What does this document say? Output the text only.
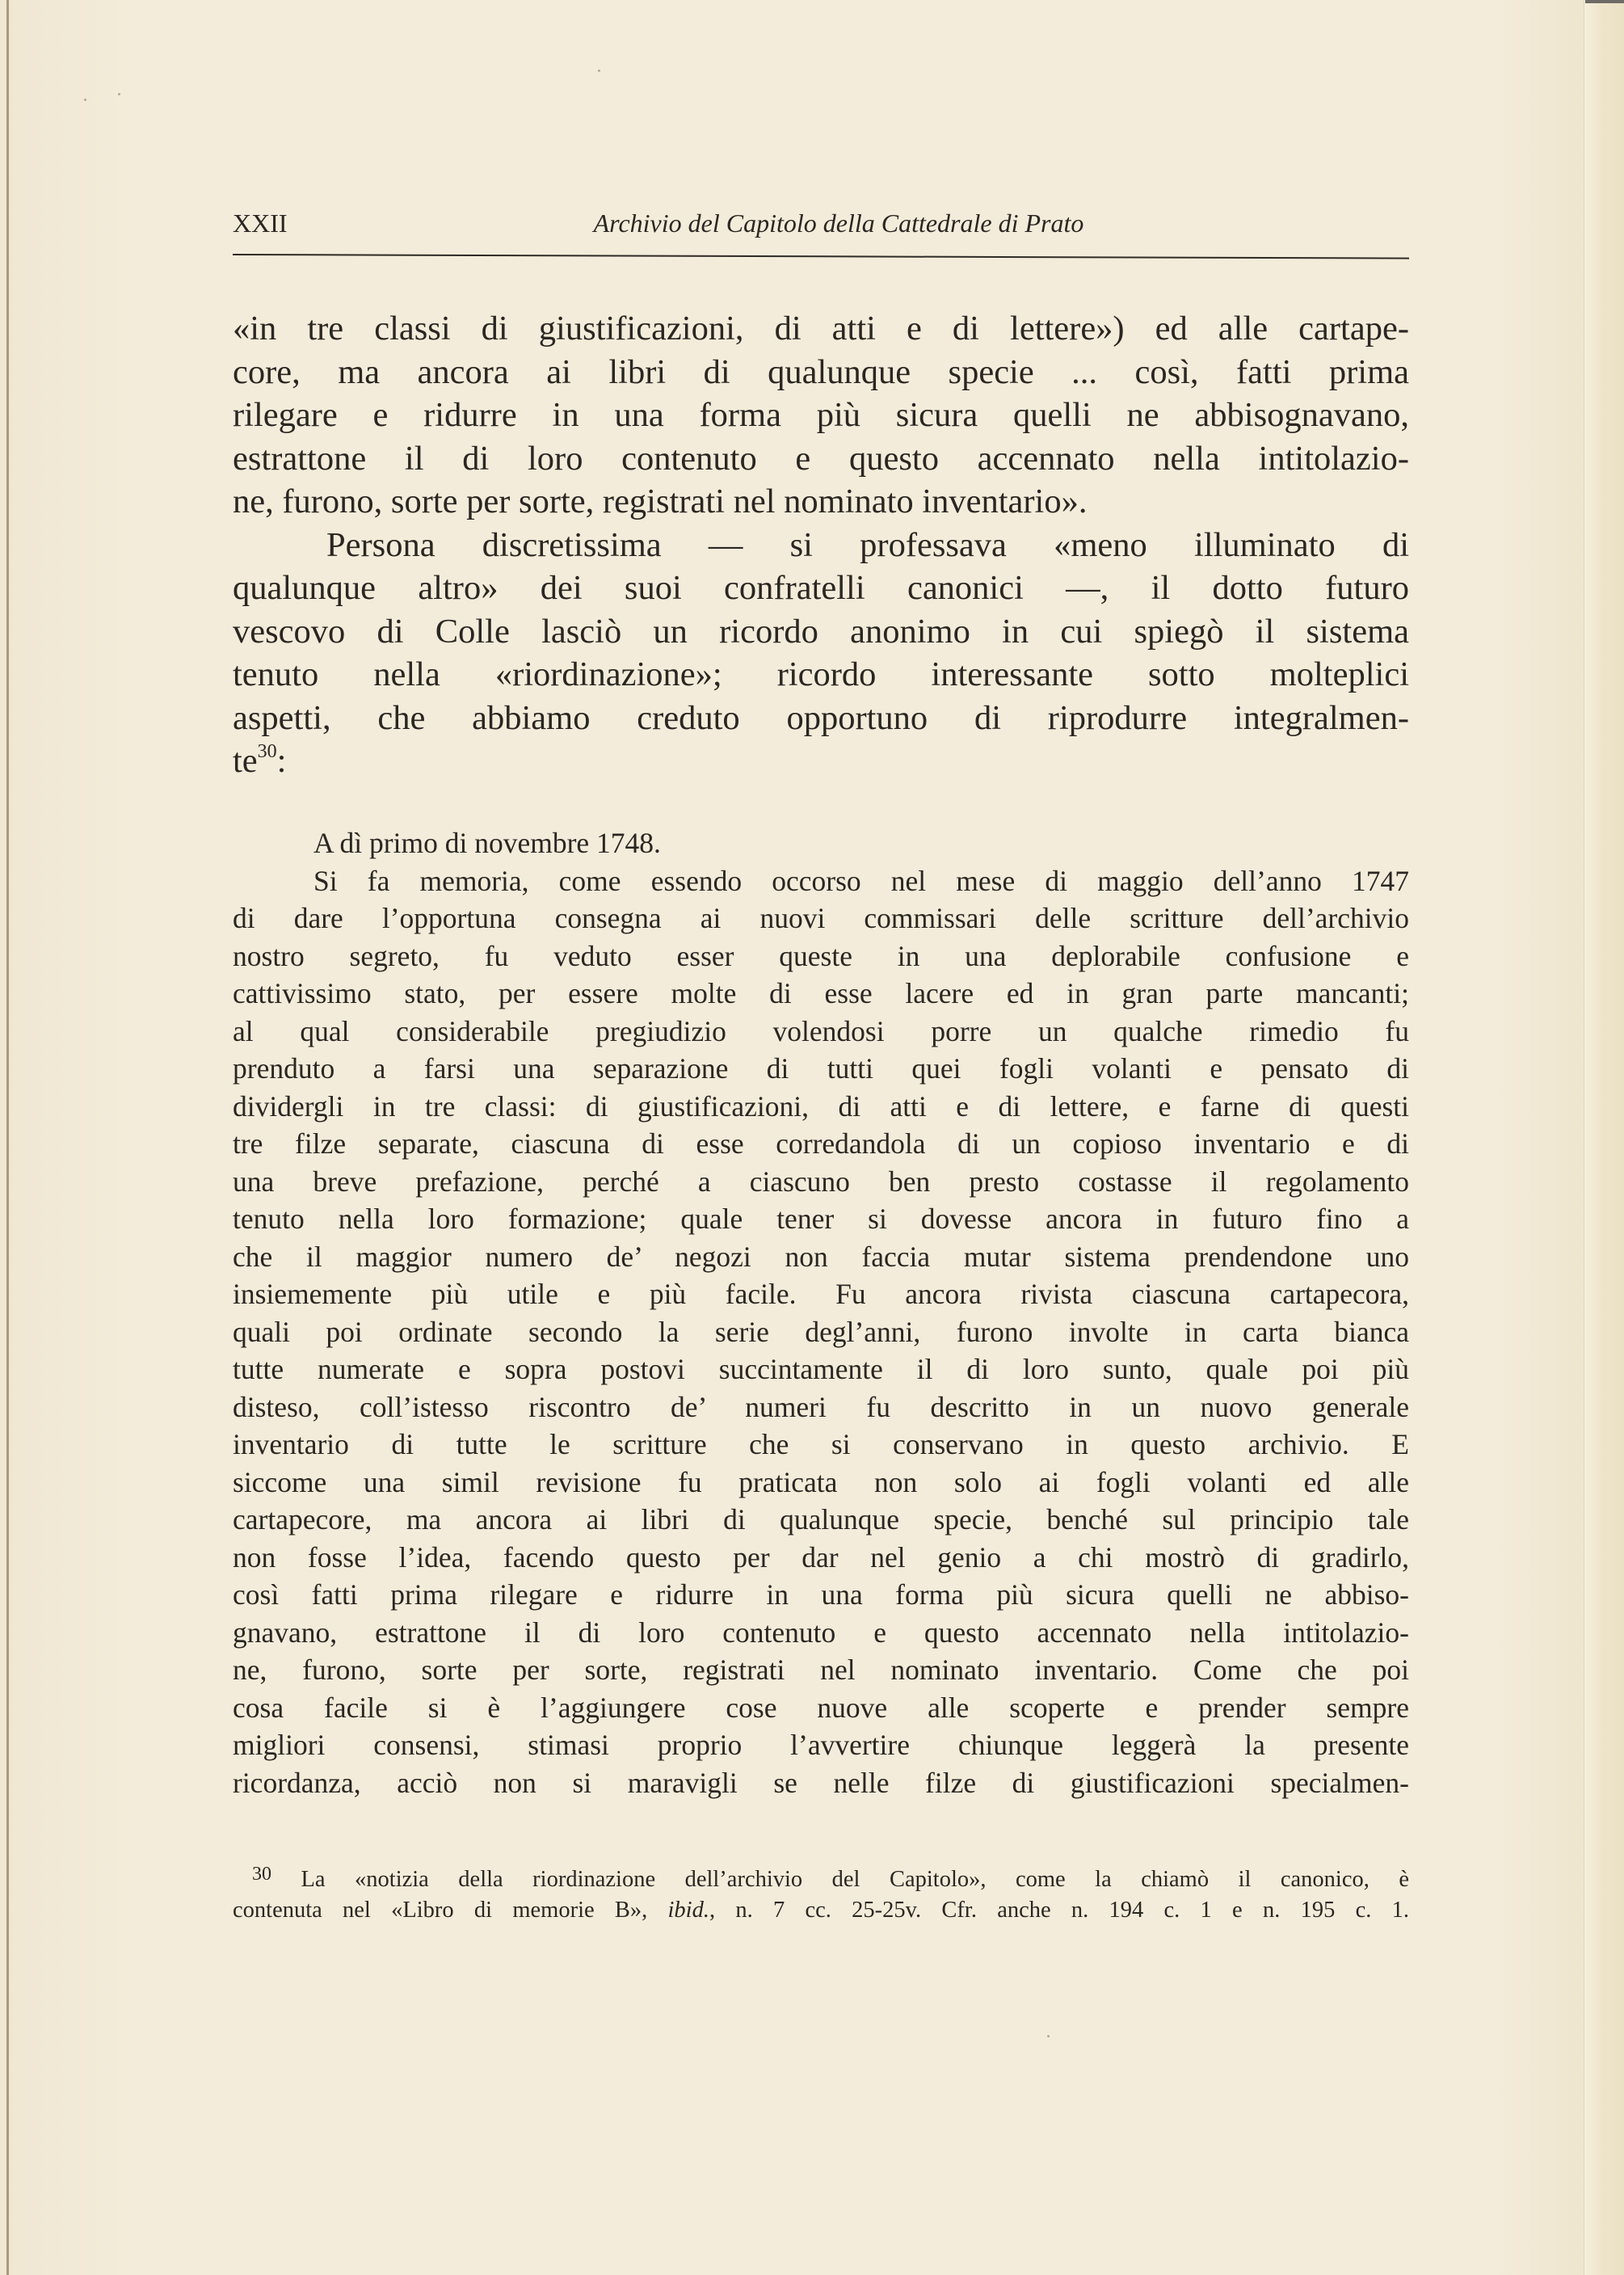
XXII	Archivio del Capitolo della Cattedrale di Prato
«in tre classi di giustificazioni, di atti e di lettere») ed alle cartape-
core, ma ancora ai libri di qualunque specie ... così, fatti prima
rilegare e ridurre in una forma più sicura quelli ne abbisognavano,
estrattone il di loro contenuto e questo accennato nella intitolazio-
ne, furono, sorte per sorte, registrati nel nominato inventario».
Persona discretissima — si professava «meno illuminato di
qualunque altro» dei suoi confratelli canonici —, il dotto futuro
vescovo di Colle lasciò un ricordo anonimo in cui spiegò il sistema
tenuto nella «riordinazione»; ricordo interessante sotto molteplici
aspetti, che abbiamo creduto opportuno di riprodurre integralmen-
te$^{30}$:
A dì primo di novembre 1748.
Si fa memoria, come essendo occorso nel mese di maggio dell’anno 1747
di dare l’opportuna consegna ai nuovi commissari delle scritture dell’archivio
nostro segreto, fu veduto esser queste in una deplorabile confusione e
cattivissimo stato, per essere molte di esse lacere ed in gran parte mancanti;
al qual considerabile pregiudizio volendosi porre un qualche rimedio fu
prenduto a farsi una separazione di tutti quei fogli volanti e pensato di
dividergli in tre classi: di giustificazioni, di atti e di lettere, e farne di questi
tre filze separate, ciascuna di esse corredandola di un copioso inventario e di
una breve prefazione, perché a ciascuno ben presto costasse il regolamento
tenuto nella loro formazione; quale tener si dovesse ancora in futuro fino a
che il maggior numero de’ negozi non faccia mutar sistema prendendone uno
insiememente più utile e più facile. Fu ancora rivista ciascuna cartapecora,
quali poi ordinate secondo la serie degl’anni, furono involte in carta bianca
tutte numerate e sopra postovi succintamente il di loro sunto, quale poi più
disteso, coll’istesso riscontro de’ numeri fu descritto in un nuovo generale
inventario di tutte le scritture che si conservano in questo archivio. E
siccome una simil revisione fu praticata non solo ai fogli volanti ed alle
cartapecore, ma ancora ai libri di qualunque specie, benché sul principio tale
non fosse l’idea, facendo questo per dar nel genio a chi mostrò di gradirlo,
così fatti prima rilegare e ridurre in una forma più sicura quelli ne abbiso-
gnavano, estrattone il di loro contenuto e questo accennato nella intitolazio-
ne, furono, sorte per sorte, registrati nel nominato inventario. Come che poi
cosa facile si è l’aggiungere cose nuove alle scoperte e prender sempre
migliori consensi, stimasi proprio l’avvertire chiunque leggerà la presente
ricordanza, acciò non si maravigli se nelle filze di giustificazioni specialmen-
$^{30}$ La «notizia della riordinazione dell’archivio del Capitolo», come la chiamò il canonico, è
contenuta nel «Libro di memorie B», ibid., n. 7 cc. 25-25v. Cfr. anche n. 194 c. 1 e n. 195 c. 1.
